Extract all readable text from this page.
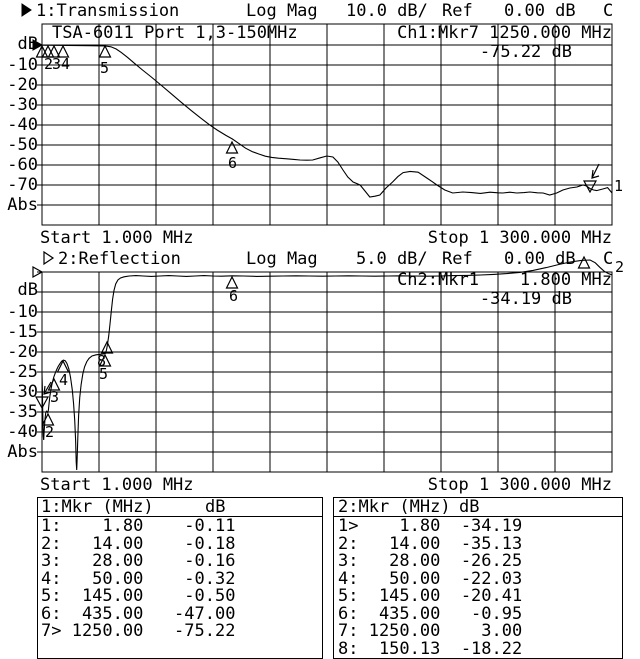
1:Transmission	Log Mag 10.0 dB/ Ref 0.00 dB C
TSA-6011 Port 1,3-150MHz	Ch1:Mkr7 1250.000 MHz
-75.22 dB
Start 1.000 MHz	Stop 1 300.000 MHz
2:Reflection	Log Mag 5.0 dB/ Ref 0.00 dB C
Ch2:Mkr1    1.800 MHz
-34.19 dB
Start 1.000 MHz	Stop 1 300.000 MHz
1:Mkr (MHz)	dB	2:Mkr (MHz) dB
1:    1.80    -0.11
2:   14.00    -0.18
3:   28.00    -0.16
4:   50.00    -0.32
5:  145.00    -0.50
6:  435.00   -47.00
7> 1250.00   -75.22
1>    1.80  -34.19
2:   14.00  -35.13
3:   28.00  -26.25
4:   50.00  -22.03
5:  145.00  -20.41
6:  435.00   -0.95
7: 1250.00    3.00
8:  150.13  -18.22
2
3 4 5
6
1
dB
-10
-20
-30
-40
-50
-60
-70
Abs
2
3
4
8
5
6
2
dB
-10
-15
-20
-25
-30
-35
-40
Abs
